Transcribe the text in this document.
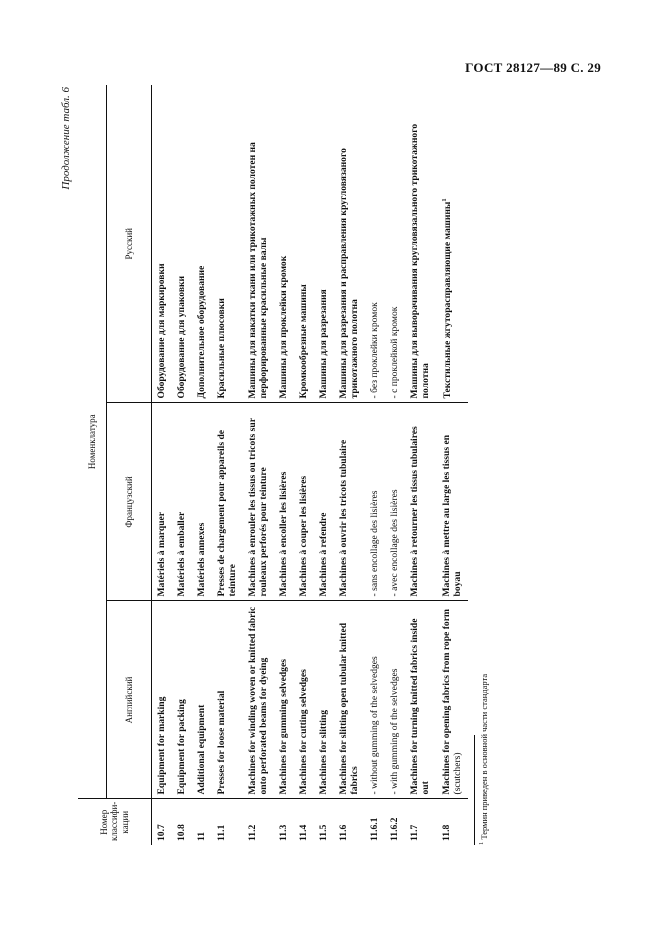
ГОСТ 28127—89 С. 29
Продолжение табл. 6
Номер классифи-кации	Номенклатура		
	Английский	Французский	Русский
10.7	Equipment for marking	Matériels à marquer	Оборудование для маркировки
10.8	Equipment for packing	Matériels à emballer	Оборудование для упаковки
11	Additional equipment	Matériels annexes	Дополнительное оборудование
11.1	Presses for loose material	Presses de chargement pour appareils de teinture	Красильные плюсовки
11.2	Machines for winding woven or knitted fabric onto perforated beams for dyeing	Machines à enrouler les tissus ou tricots sur rouleaux perforés pour teinture	Машины для накатки ткани или трикотажных полотен на перфорированные красильные валы
11.3	Machines for gumming selvedges	Machines à encoller les lisières	Машины для проклейки кромок
11.4	Machines for cutting selvedges	Machines à couper les lisières	Кромкообрезные машины
11.5	Machines for slitting	Machines à refendre	Машины для разрезания
11.6	Machines for slitting open tubular knitted fabrics	Machines à ouvrir les tricots tubulaire	Машины для разрезания и расправления кругловязаного трикотажного полотна
11.6.1	- without gumming of the selvedges	- sans encollage des lisières	- без проклейки кромок

11.6.2	- with gumming of the selvedges	- avec encollage des lisières	- с проклейкой кромок

11.7	Machines for turning knitted fabrics inside out	Machines à retourner les tissus tubulaires	Машины для выворачивания кругловязального трикотажного полотна
11.8	Machines for opening fabrics from rope form (scutchers)	Machines à mettre au large les tissus en boyau	Текстильные жгуторасправляющие машины$^1$
$^1$ Термин приведен в основной части стандарта
